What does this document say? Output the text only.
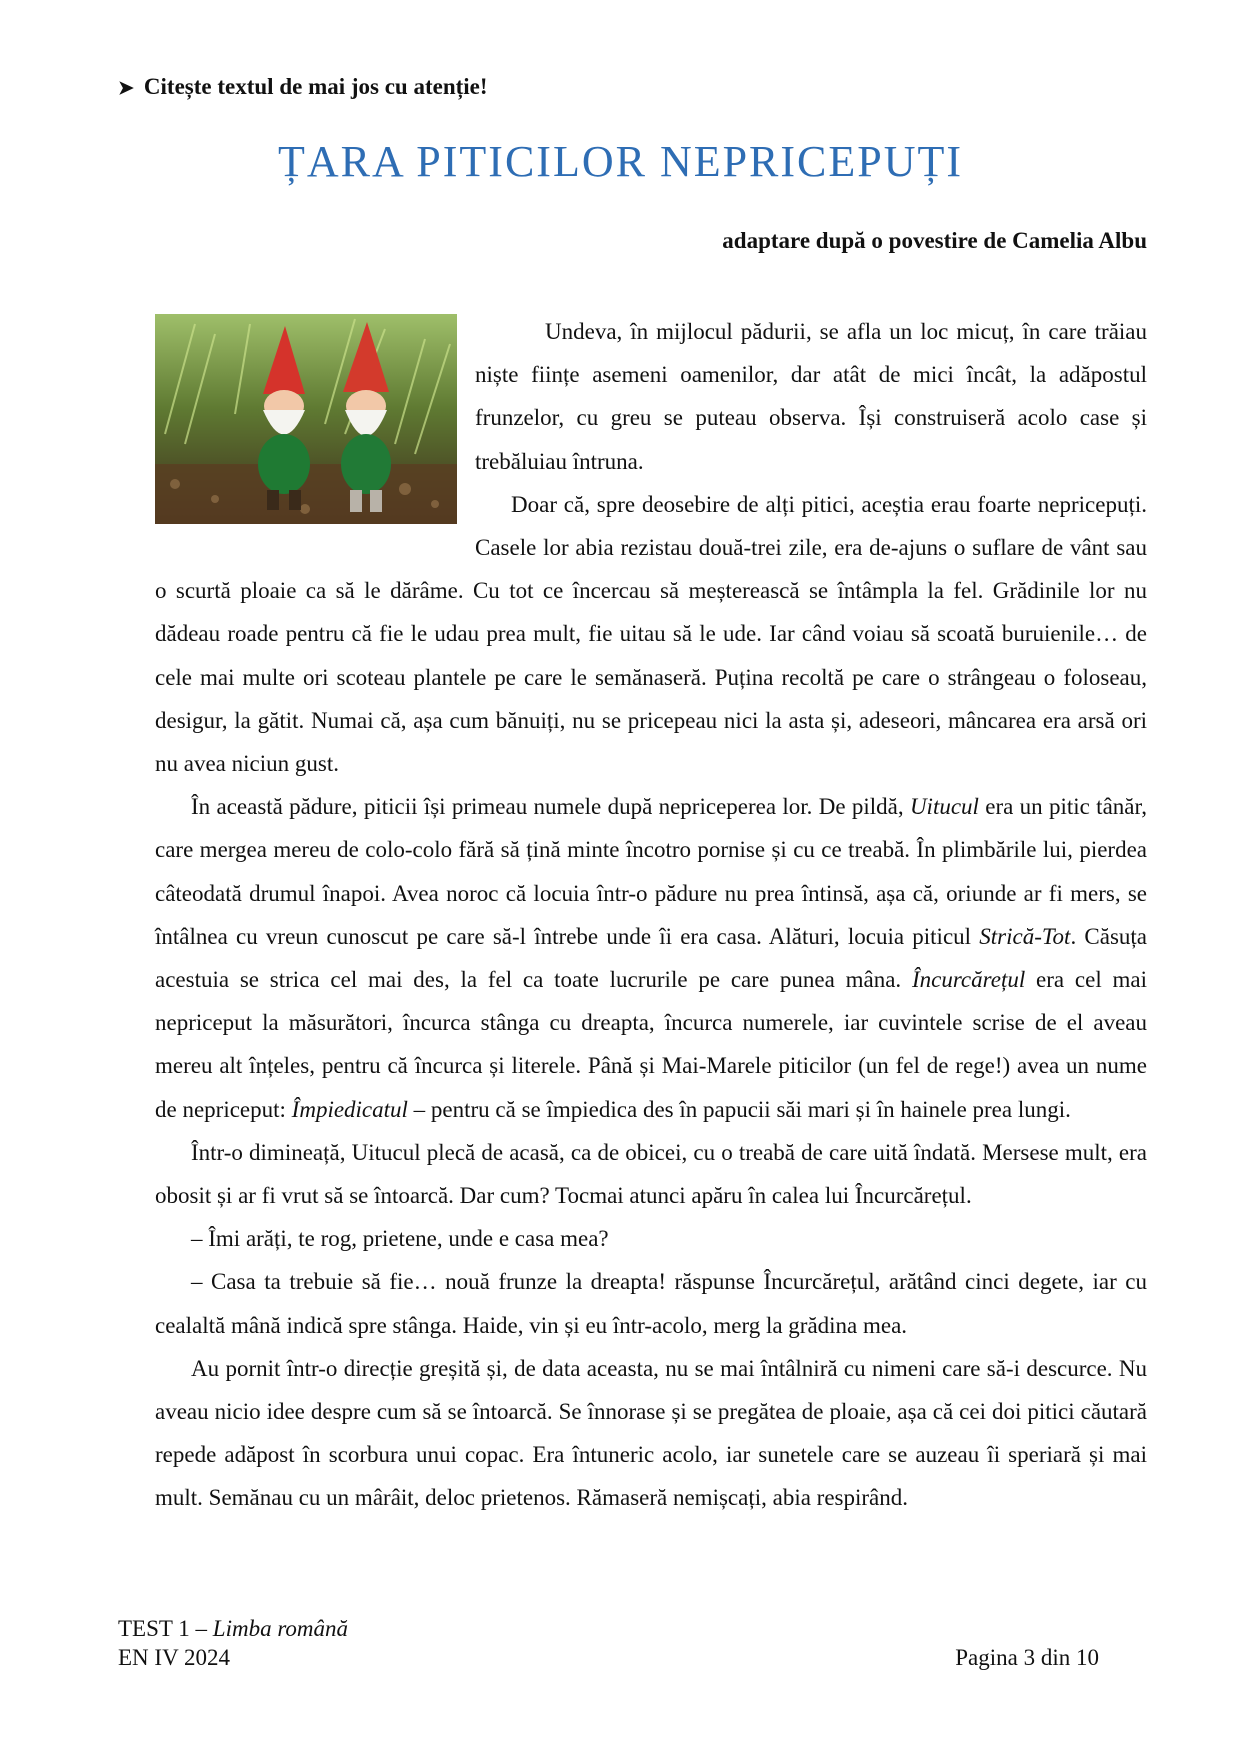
➤ Citește textul de mai jos cu atenție!
ȚARA PITICILOR NEPRICEPUȚI
adaptare după o povestire de Camelia Albu

Undeva, în mijlocul pădurii, se afla un loc micuț, în care trăiau niște ființe asemeni oamenilor, dar atât de mici încât, la adăpostul frunzelor, cu greu se puteau observa. Își construiseră acolo case și trebăluiau întruna.

Doar că, spre deosebire de alți pitici, aceștia erau foarte nepricepuți. Casele lor abia rezistau două-trei zile, era de-ajuns o suflare de vânt sau o scurtă ploaie ca să le dărâme. Cu tot ce încercau să meșterească se întâmpla la fel. Grădinile lor nu dădeau roade pentru că fie le udau prea mult, fie uitau să le ude. Iar când voiau să scoată buruienile… de cele mai multe ori scoteau plantele pe care le semănaseră. Puțina recoltă pe care o strângeau o foloseau, desigur, la gătit. Numai că, așa cum bănuiți, nu se pricepeau nici la asta și, adeseori, mâncarea era arsă ori nu avea niciun gust.

În această pădure, piticii își primeau numele după nepriceperea lor. De pildă, Uitucul era un pitic tânăr, care mergea mereu de colo-colo fără să țină minte încotro pornise și cu ce treabă. În plimbările lui, pierdea câteodată drumul înapoi. Avea noroc că locuia într-o pădure nu prea întinsă, așa că, oriunde ar fi mers, se întâlnea cu vreun cunoscut pe care să-l întrebe unde îi era casa. Alături, locuia piticul Strică-Tot. Căsuța acestuia se strica cel mai des, la fel ca toate lucrurile pe care punea mâna. Încurcărețul era cel mai nepriceput la măsurători, încurca stânga cu dreapta, încurca numerele, iar cuvintele scrise de el aveau mereu alt înțeles, pentru că încurca și literele. Până și Mai-Marele piticilor (un fel de rege!) avea un nume de nepriceput: Împiedicatul – pentru că se împiedica des în papucii săi mari și în hainele prea lungi.

Într-o dimineață, Uitucul plecă de acasă, ca de obicei, cu o treabă de care uită îndată. Mersese mult, era obosit și ar fi vrut să se întoarcă. Dar cum? Tocmai atunci apăru în calea lui Încurcărețul.

– Îmi arăți, te rog, prietene, unde e casa mea?

– Casa ta trebuie să fie… nouă frunze la dreapta! răspunse Încurcărețul, arătând cinci degete, iar cu cealaltă mână indică spre stânga. Haide, vin și eu într-acolo, merg la grădina mea.

Au pornit într-o direcție greșită și, de data aceasta, nu se mai întâlniră cu nimeni care să-i descurce. Nu aveau nicio idee despre cum să se întoarcă. Se înnorase și se pregătea de ploaie, așa că cei doi pitici căutară repede adăpost în scorbura unui copac. Era întuneric acolo, iar sunetele care se auzeau îi speriară și mai mult. Semănau cu un mârâit, deloc prietenos. Rămaseră nemișcați, abia respirând.

TEST 1 – Limba română
EN IV 2024	Pagina 3 din 10
